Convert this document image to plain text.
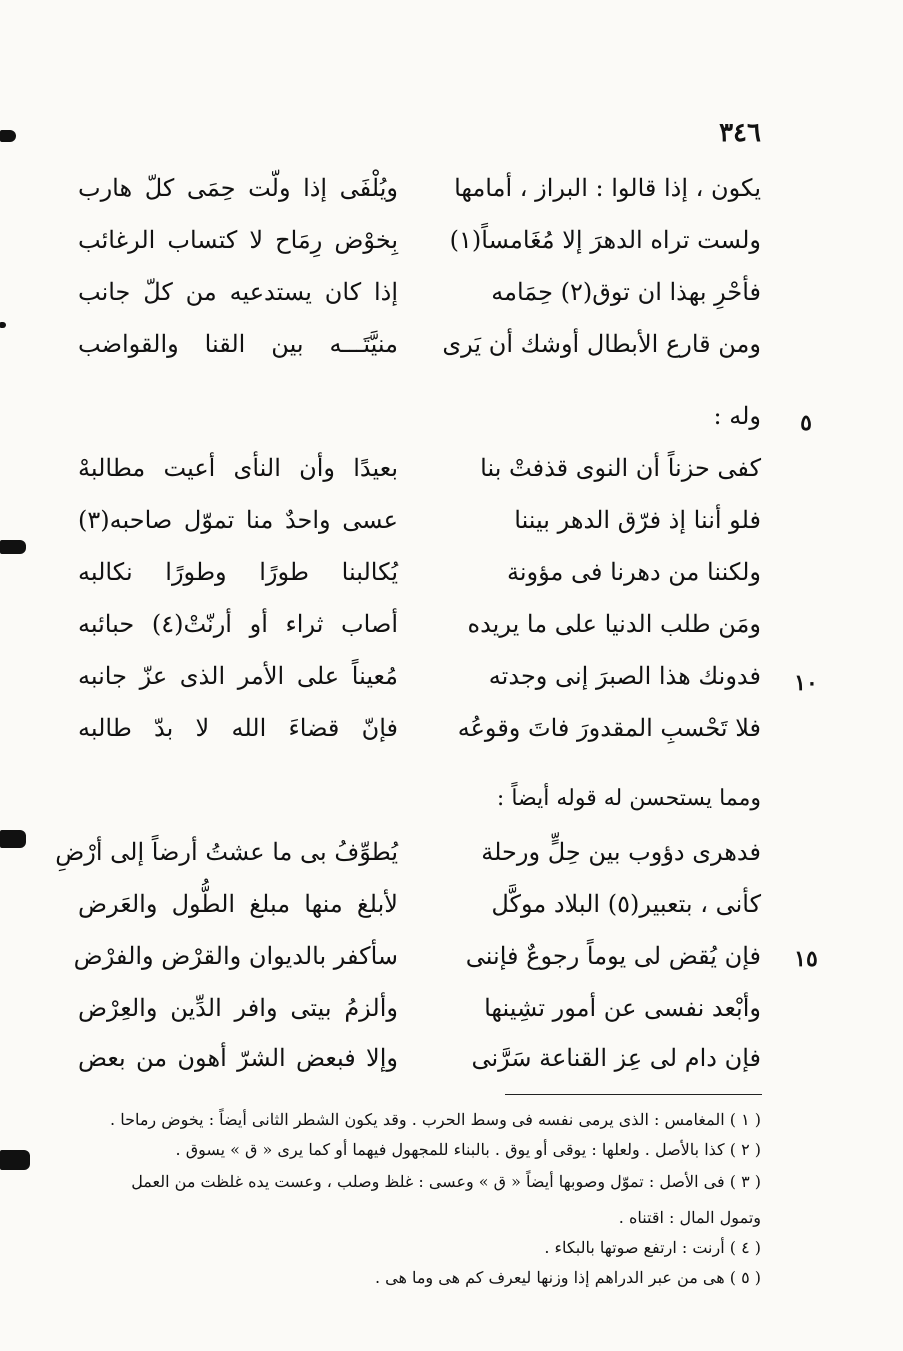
٣٤٦
يكون ، إذا قالوا : البراز ، أمامها
ويُلْفَى إذا ولّت حِمَى كلّ هارب
ولست تراه الدهرَ إلا مُغَامساً(١)
بِخوْض رِمَاح لا كتساب الرغائب
فأحْرِ بهذا ان توق(٢) حِمَامه
إذا كان يستدعيه من كلّ جانب
ومن قارع الأبطال أوشك أن يَرى
منيَّتَـــه بين القنا والقواضب
وله :	٥
كفى حزناً أن النوى قذفتْ بنا
بعيدًا وأن النأى أعيت مطالبهْ
فلو أننا إذ فرّق الدهر بيننا
عسى واحدٌ منا تموّل صاحبه(٣)
ولكننا من دهرنا فى مؤونة
يُكالبنا طورًا وطورًا نكالبه
ومَن طلب الدنيا على ما يريده
أصاب ثراء أو أرنّتْ(٤) حبائبه
فدونك هذا الصبرَ إنى وجدته
مُعيناً على الأمر الذى عزّ جانبه	١٠
فلا تَحْسبِ المقدورَ فاتَ وقوعُه
فإنّ قضاءَ الله لا بدّ طالبه
ومما يستحسن له قوله أيضاً :
فدهرى دؤوب بين حِلٍّ ورحلة
يُطوِّفُ بى ما عشتُ أرضاً إلى أرْضِ
كأنى ، بتعبير(٥) البلاد موكَّل
لأبلغ منها مبلغ الطُّول والعَرض
فإن يُقض لى يوماً رجوعٌ فإننى
سأكفر بالديوان والقرْض والفرْض	١٥
وأبْعد نفسى عن أمور تشِينها
وألزمُ بيتى وافر الدِّين والعِرْض
فإن دام لى عِز القناعة سَرَّنى
وإلا فبعض الشرّ أهون من بعض
( ١ ) المغامس : الذى يرمى نفسه فى وسط الحرب . وقد يكون الشطر الثانى أيضاً : يخوض رماحا .
( ٢ ) كذا بالأصل . ولعلها : يوقى أو يوق . بالبناء للمجهول فيهما أو كما يرى « ق » يسوق .
( ٣ ) فى الأصل : تموّل وصوبها أيضاً « ق » وعسى : غلظ وصلب ، وعست يده غلظت من العمل
وتمول المال : اقتناه .
( ٤ ) أرنت : ارتفع صوتها بالبكاء .
( ٥ ) هى من عبر الدراهم إذا وزنها ليعرف كم هى وما هى .
